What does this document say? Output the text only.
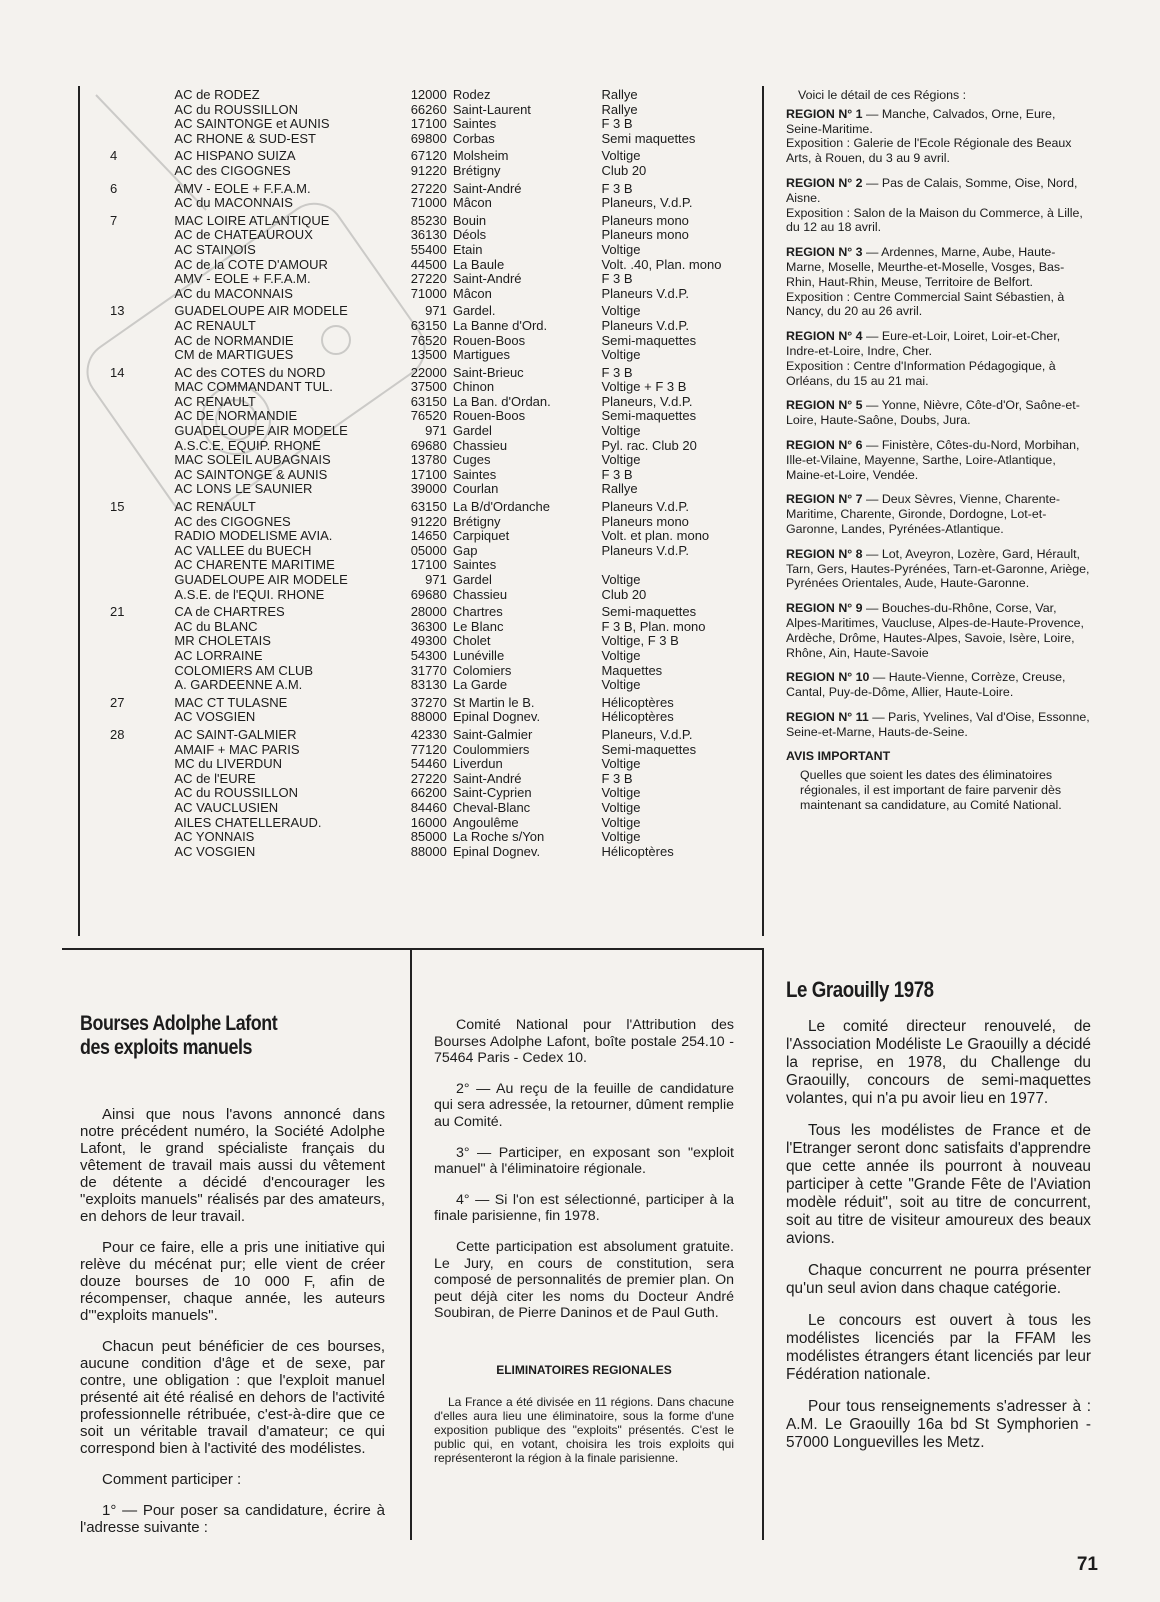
AC de RODEZ	12000 Rodez	Rallye
AC du ROUSSILLON	66260 Saint-Laurent	Rallye
AC SAINTONGE et AUNIS	17100 Saintes	F 3 B
AC RHONE & SUD-EST	69800 Corbas	Semi maquettes
4	AC HISPANO SUIZA	67120 Molsheim	Voltige
AC des CIGOGNES	91220 Brétigny	Club 20
6	AMV - EOLE + F.F.A.M.	27220 Saint-André	F 3 B
AC du MACONNAIS	71000 Mâcon	Planeurs, V.d.P.
7	MAC LOIRE ATLANTIQUE	85230 Bouin	Planeurs mono
AC de CHATEAUROUX	36130 Déols	Planeurs mono
AC STAINOIS	55400 Etain	Voltige
AC de la COTE D'AMOUR	44500 La Baule	Volt. .40, Plan. mono
AMV - EOLE + F.F.A.M.	27220 Saint-André	F 3 B
AC du MACONNAIS	71000 Mâcon	Planeurs V.d.P.
13	GUADELOUPE AIR MODELE	971 Gardel.	Voltige
AC RENAULT	63150 La Banne d'Ord.	Planeurs V.d.P.
AC de NORMANDIE	76520 Rouen-Boos	Semi-maquettes
CM de MARTIGUES	13500 Martigues	Voltige
14	AC des COTES du NORD	22000 Saint-Brieuc	F 3 B
MAC COMMANDANT TUL.	37500 Chinon	Voltige + F 3 B
AC RENAULT	63150 La Ban. d'Ordan.	Planeurs, V.d.P.
AC DE NORMANDIE	76520 Rouen-Boos	Semi-maquettes
GUADELOUPE AIR MODELE	971 Gardel	Voltige
A.S.C.E. EQUIP. RHONE	69680 Chassieu	Pyl. rac. Club 20
MAC SOLEIL AUBAGNAIS	13780 Cuges	Voltige
AC SAINTONGE & AUNIS	17100 Saintes	F 3 B
AC LONS LE SAUNIER	39000 Courlan	Rallye
15	AC RENAULT	63150 La B/d'Ordanche	Planeurs V.d.P.
AC des CIGOGNES	91220 Brétigny	Planeurs mono
RADIO MODELISME AVIA.	14650 Carpiquet	Volt. et plan. mono
AC VALLEE du BUECH	05000 Gap	Planeurs V.d.P.
AC CHARENTE MARITIME	17100 Saintes
GUADELOUPE AIR MODELE	971 Gardel	Voltige
A.S.E. de l'EQUI. RHONE	69680 Chassieu	Club 20
21	CA de CHARTRES	28000 Chartres	Semi-maquettes
AC du BLANC	36300 Le Blanc	F 3 B, Plan. mono
MR CHOLETAIS	49300 Cholet	Voltige, F 3 B
AC LORRAINE	54300 Lunéville	Voltige
COLOMIERS AM CLUB	31770 Colomiers	Maquettes
A. GARDEENNE A.M.	83130 La Garde	Voltige
27	MAC CT TULASNE	37270 St Martin le B.	Hélicoptères
AC VOSGIEN	88000 Epinal Dognev.	Hélicoptères
28	AC SAINT-GALMIER	42330 Saint-Galmier	Planeurs, V.d.P.
AMAIF + MAC PARIS	77120 Coulommiers	Semi-maquettes
MC du LIVERDUN	54460 Liverdun	Voltige
AC de l'EURE	27220 Saint-André	F 3 B
AC du ROUSSILLON	66200 Saint-Cyprien	Voltige
AC VAUCLUSIEN	84460 Cheval-Blanc	Voltige
AILES CHATELLERAUD.	16000 Angoulême	Voltige
AC YONNAIS	85000 La Roche s/Yon	Voltige
AC VOSGIEN	88000 Epinal Dognev.	Hélicoptères
Voici le détail de ces Régions :
REGION N° 1 — Manche, Calvados, Orne, Eure, Seine-Maritime.
Exposition : Galerie de l'Ecole Régionale des Beaux Arts, à Rouen, du 3 au 9 avril.
REGION N° 2 — Pas de Calais, Somme, Oise, Nord, Aisne.
Exposition : Salon de la Maison du Commerce, à Lille, du 12 au 18 avril.
REGION N° 3 — Ardennes, Marne, Aube, Haute-Marne, Moselle, Meurthe-et-Moselle, Vosges, Bas-Rhin, Haut-Rhin, Meuse, Territoire de Belfort.
Exposition : Centre Commercial Saint Sébastien, à Nancy, du 20 au 26 avril.
REGION N° 4 — Eure-et-Loir, Loiret, Loir-et-Cher, Indre-et-Loire, Indre, Cher.
Exposition : Centre d'Information Pédagogique, à Orléans, du 15 au 21 mai.
REGION N° 5 — Yonne, Nièvre, Côte-d'Or, Saône-et-Loire, Haute-Saône, Doubs, Jura.
REGION N° 6 — Finistère, Côtes-du-Nord, Morbihan, Ille-et-Vilaine, Mayenne, Sarthe, Loire-Atlantique, Maine-et-Loire, Vendée.
REGION N° 7 — Deux Sèvres, Vienne, Charente-Maritime, Charente, Gironde, Dordogne, Lot-et-Garonne, Landes, Pyrénées-Atlantique.
REGION N° 8 — Lot, Aveyron, Lozère, Gard, Hérault, Tarn, Gers, Hautes-Pyrénées, Tarn-et-Garonne, Ariège, Pyrénées Orientales, Aude, Haute-Garonne.
REGION N° 9 — Bouches-du-Rhône, Corse, Var, Alpes-Maritimes, Vaucluse, Alpes-de-Haute-Provence, Ardèche, Drôme, Hautes-Alpes, Savoie, Isère, Loire, Rhône, Ain, Haute-Savoie
REGION N° 10 — Haute-Vienne, Corrèze, Creuse, Cantal, Puy-de-Dôme, Allier, Haute-Loire.
REGION N° 11 — Paris, Yvelines, Val d'Oise, Essonne, Seine-et-Marne, Hauts-de-Seine.
AVIS IMPORTANT
Quelles que soient les dates des éliminatoires régionales, il est important de faire parvenir dès maintenant sa candidature, au Comité National.
Bourses Adolphe Lafont
des exploits manuels

Ainsi que nous l'avons annoncé dans notre précédent numéro, la Société Adolphe Lafont, le grand spécialiste français du vêtement de travail mais aussi du vêtement de détente a décidé d'encourager les "exploits manuels" réalisés par des amateurs, en dehors de leur travail.

Pour ce faire, elle a pris une initiative qui relève du mécénat pur; elle vient de créer douze bourses de 10 000 F, afin de récompenser, chaque année, les auteurs d'"exploits manuels".

Chacun peut bénéficier de ces bourses, aucune condition d'âge et de sexe, par contre, une obligation : que l'exploit manuel présenté ait été réalisé en dehors de l'activité professionnelle rétribuée, c'est-à-dire que ce soit un véritable travail d'amateur; ce qui correspond bien à l'activité des modélistes.

Comment participer :

1° — Pour poser sa candidature, écrire à l'adresse suivante :

Comité National pour l'Attribution des Bourses Adolphe Lafont, boîte postale 254.10 - 75464 Paris - Cedex 10.

2° — Au reçu de la feuille de candidature qui sera adressée, la retourner, dûment remplie au Comité.

3° — Participer, en exposant son "exploit manuel" à l'éliminatoire régionale.

4° — Si l'on est sélectionné, participer à la finale parisienne, fin 1978.

Cette participation est absolument gratuite. Le Jury, en cours de constitution, sera composé de personnalités de premier plan. On peut déjà citer les noms du Docteur André Soubiran, de Pierre Daninos et de Paul Guth.

ELIMINATOIRES REGIONALES
La France a été divisée en 11 régions. Dans chacune d'elles aura lieu une éliminatoire, sous la forme d'une exposition publique des "exploits" présentés. C'est le public qui, en votant, choisira les trois exploits qui représenteront la région à la finale parisienne.
Le Graouilly 1978

Le comité directeur renouvelé, de l'Association Modéliste Le Graouilly a décidé la reprise, en 1978, du Challenge du Graouilly, concours de semi-maquettes volantes, qui n'a pu avoir lieu en 1977.

Tous les modélistes de France et de l'Etranger seront donc satisfaits d'apprendre que cette année ils pourront à nouveau participer à cette "Grande Fête de l'Aviation modèle réduit", soit au titre de concurrent, soit au titre de visiteur amoureux des beaux avions.

Chaque concurrent ne pourra présenter qu'un seul avion dans chaque catégorie.

Le concours est ouvert à tous les modélistes licenciés par la FFAM les modélistes étrangers étant licenciés par leur Fédération nationale.

Pour tous renseignements s'adresser à : A.M. Le Graouilly 16a bd St Symphorien - 57000 Longuevilles les Metz.

71
